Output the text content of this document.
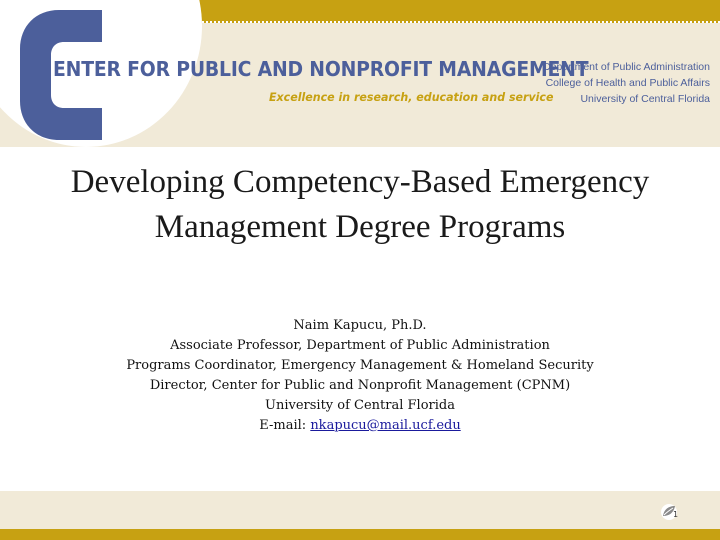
ENTER FOR PUBLIC AND NONPROFIT MANAGEMENT
Excellence in research, education and service
Department of Public Administration
College of Health and Public Affairs
University of Central Florida
Developing Competency-Based Emergency
Management Degree Programs
Naim Kapucu, Ph.D.
Associate Professor, Department of Public Administration
Programs Coordinator, Emergency Management & Homeland Security
Director, Center for Public and Nonprofit Management (CPNM)
University of Central Florida
E-mail: nkapucu@mail.ucf.edu
1
